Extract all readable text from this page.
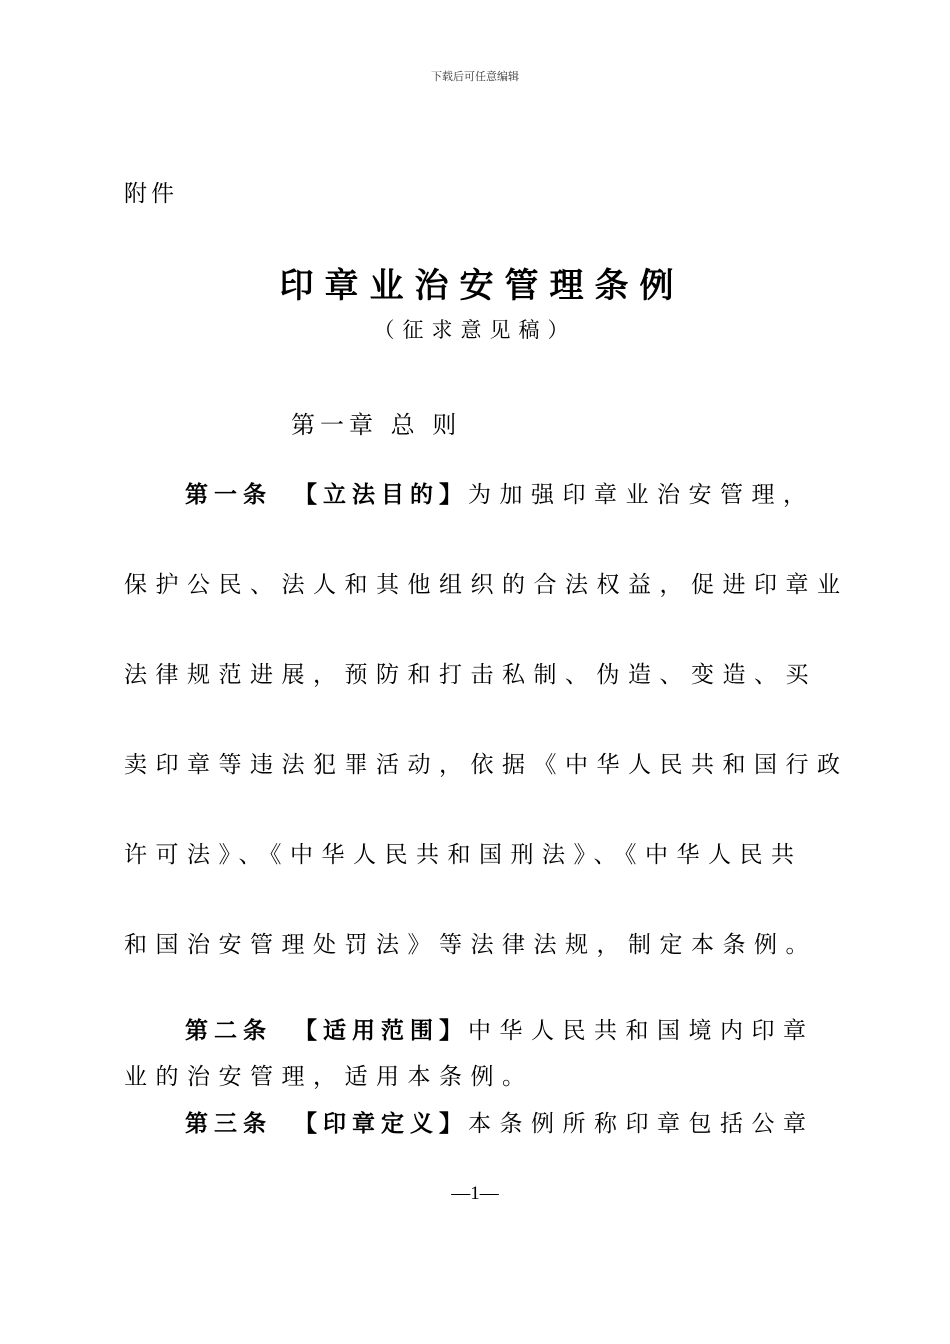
下载后可任意编辑
附件
印章业治安管理条例
（征求意见稿）
第一章 总 则
第一条 【立法目的】为加强印章业治安管理，
保护公民、法人和其他组织的合法权益，促进印章业
法律规范进展，预防和打击私制、伪造、变造、买
卖印章等违法犯罪活动，依据《中华人民共和国行政
许可法》、《中华人民共和国刑法》、《中华人民共
和国治安管理处罚法》等法律法规，制定本条例。
第二条 【适用范围】中华人民共和国境内印章
业的治安管理，适用本条例。
第三条 【印章定义】本条例所称印章包括公章
—1—
